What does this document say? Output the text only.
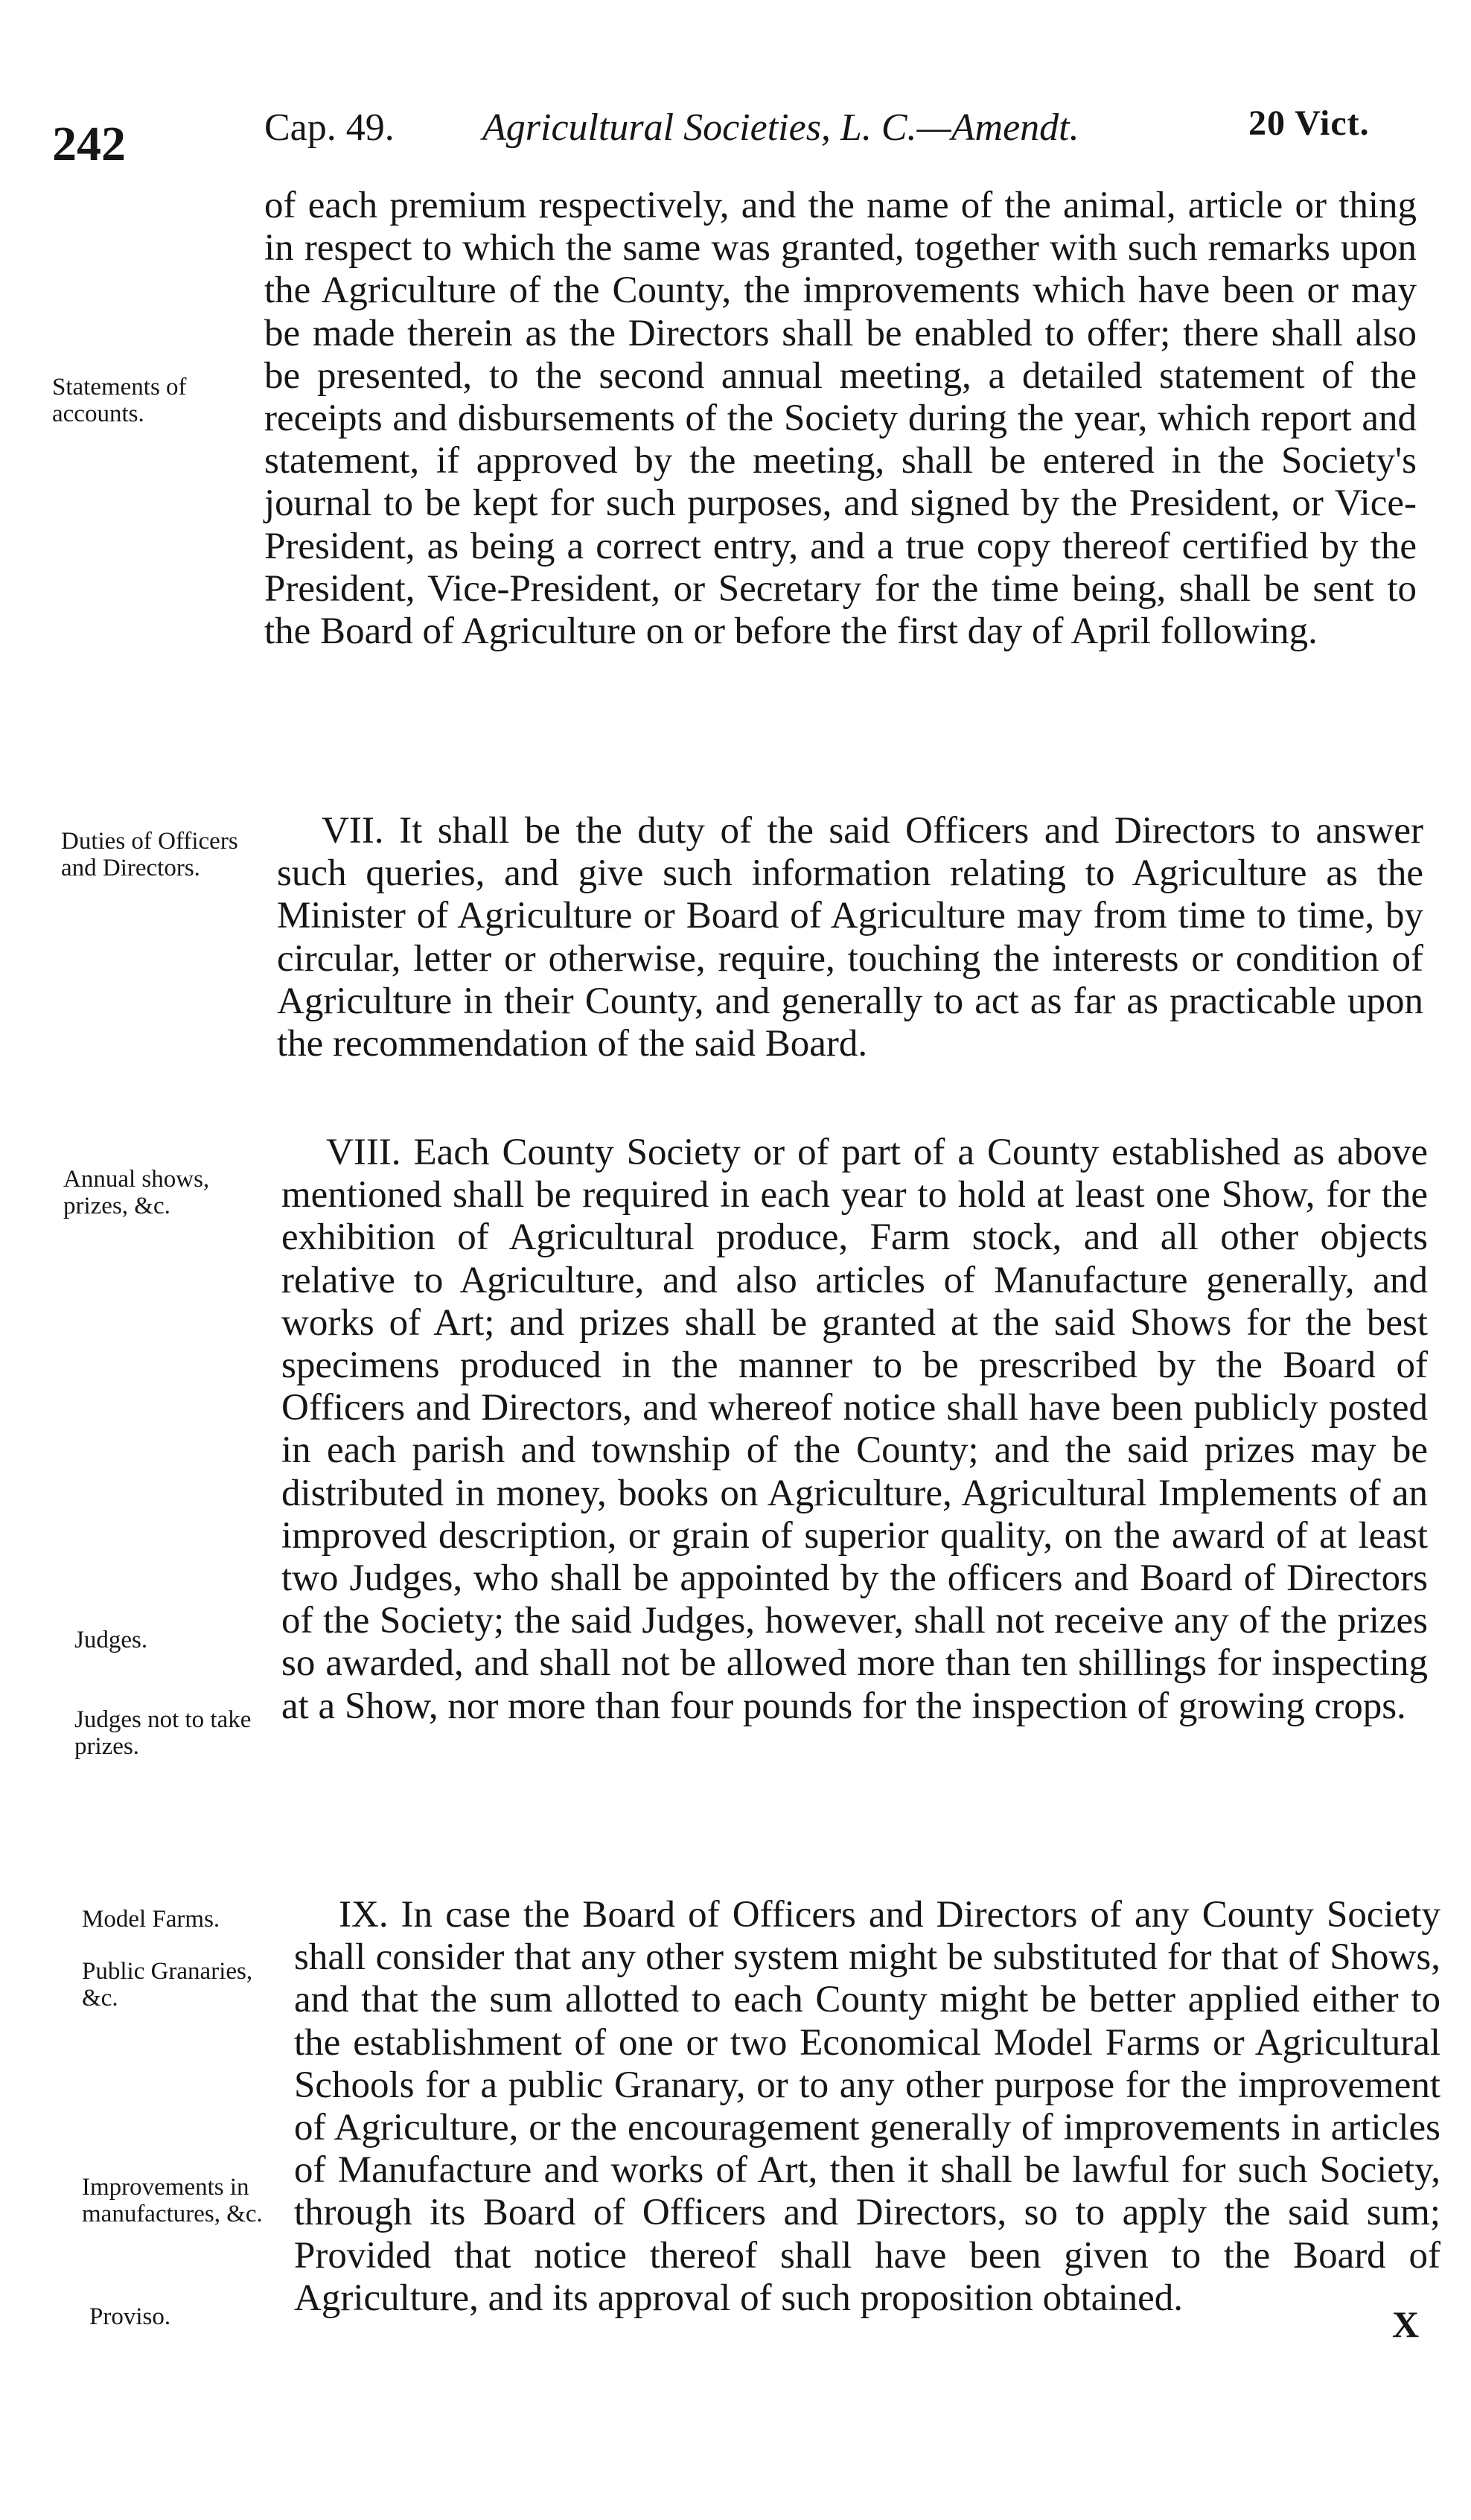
242	Cap. 49. Agricultural Societies, L. C.—Amendt.	20 Vict.

of each premium respectively, and the name of the animal, article or thing in respect to which the same was granted, together with such remarks upon the Agriculture of the County, the improvements which have been or may be made therein as the Directors shall be enabled to offer; there shall also be presented, to the second annual meeting, a detailed statement of the receipts and disbursements of the Society during the year, which report and statement, if approved by the meeting, shall be entered in the Society's journal to be kept for such purposes, and signed by the President, or Vice-President, as being a correct entry, and a true copy thereof certified by the President, Vice-President, or Secretary for the time being, shall be sent to the Board of Agriculture on or before the first day of April following.

VII. It shall be the duty of the said Officers and Directors to answer such queries, and give such information relating to Agriculture as the Minister of Agriculture or Board of Agriculture may from time to time, by circular, letter or otherwise, require, touching the interests or condition of Agriculture in their County, and generally to act as far as practicable upon the recommendation of the said Board.

VIII. Each County Society or of part of a County established as above mentioned shall be required in each year to hold at least one Show, for the exhibition of Agricultural produce, Farm stock, and all other objects relative to Agriculture, and also articles of Manufacture generally, and works of Art; and prizes shall be granted at the said Shows for the best specimens produced in the manner to be prescribed by the Board of Officers and Directors, and whereof notice shall have been publicly posted in each parish and township of the County; and the said prizes may be distributed in money, books on Agriculture, Agricultural Implements of an improved description, or grain of superior quality, on the award of at least two Judges, who shall be appointed by the officers and Board of Directors of the Society; the said Judges, however, shall not receive any of the prizes so awarded, and shall not be allowed more than ten shillings for inspecting at a Show, nor more than four pounds for the inspection of growing crops.

IX. In case the Board of Officers and Directors of any County Society shall consider that any other system might be substituted for that of Shows, and that the sum allotted to each County might be better applied either to the establishment of one or two Economical Model Farms or Agricultural Schools for a public Granary, or to any other purpose for the improvement of Agriculture, or the encouragement generally of improvements in articles of Manufacture and works of Art, then it shall be lawful for such Society, through its Board of Officers and Directors, so to apply the said sum; Provided that notice thereof shall have been given to the Board of Agriculture, and its approval of such proposition obtained.

Statements of accounts.

Duties of Officers and Directors.

Annual shows, prizes, &c.

Judges.

Judges not to take prizes.

Model Farms.

Public Granaries, &c.

Improvements in manufactures, &c.

Proviso.	X
